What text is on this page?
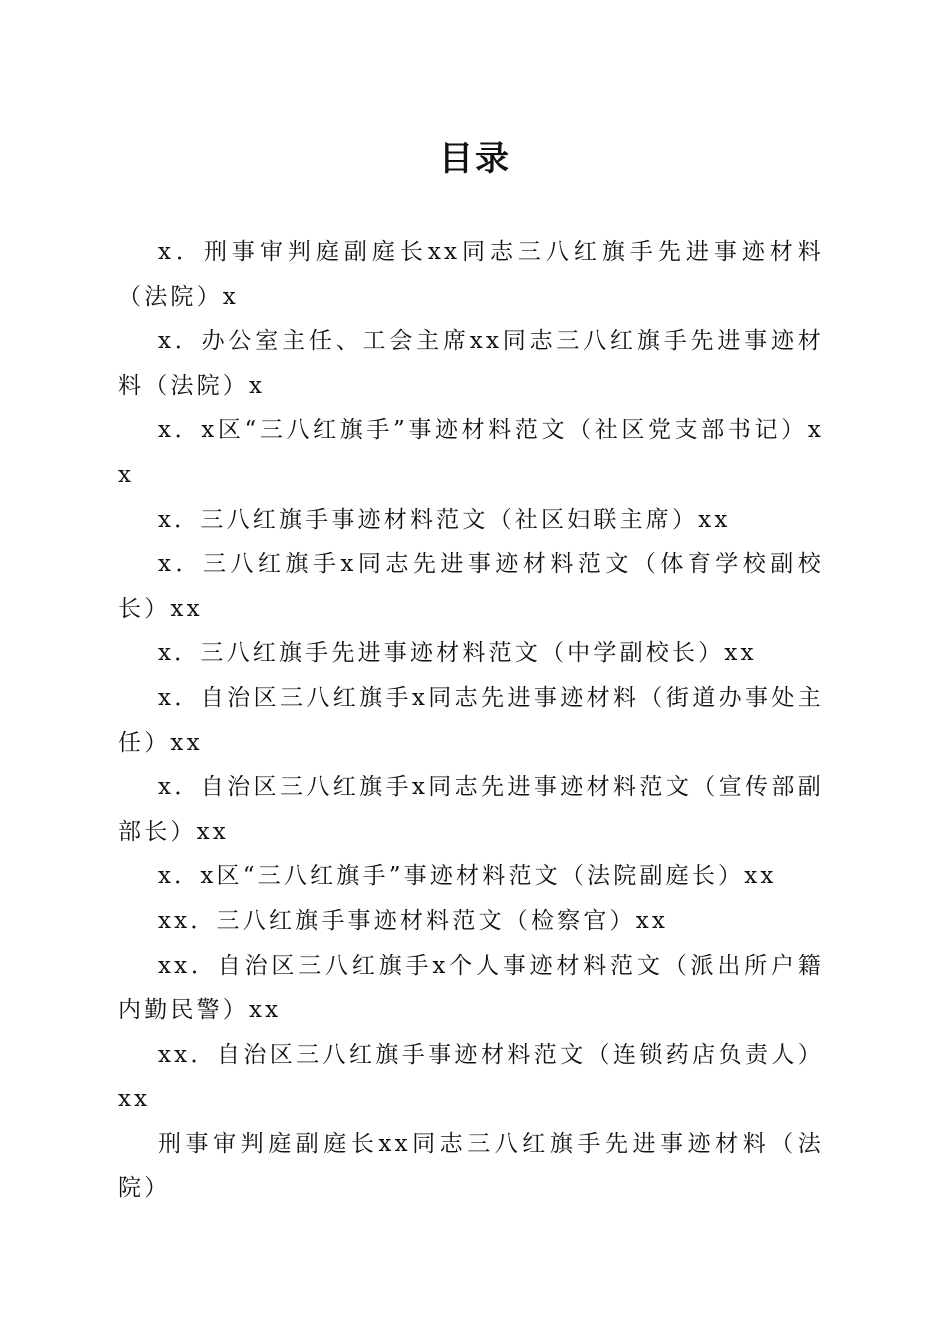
目录
x．刑事审判庭副庭长xx同志三八红旗手先进事迹材料（法院）x
x．办公室主任、工会主席xx同志三八红旗手先进事迹材料（法院）x
x．x区“三八红旗手”事迹材料范文（社区党支部书记）xx
x．三八红旗手事迹材料范文（社区妇联主席）xx
x．三八红旗手x同志先进事迹材料范文（体育学校副校长）xx
x．三八红旗手先进事迹材料范文（中学副校长）xx
x．自治区三八红旗手x同志先进事迹材料（街道办事处主任）xx
x．自治区三八红旗手x同志先进事迹材料范文（宣传部副部长）xx
x．x区“三八红旗手”事迹材料范文（法院副庭长）xx
xx．三八红旗手事迹材料范文（检察官）xx
xx．自治区三八红旗手x个人事迹材料范文（派出所户籍内勤民警）xx
xx．自治区三八红旗手事迹材料范文（连锁药店负责人）xx
刑事审判庭副庭长xx同志三八红旗手先进事迹材料（法院）
